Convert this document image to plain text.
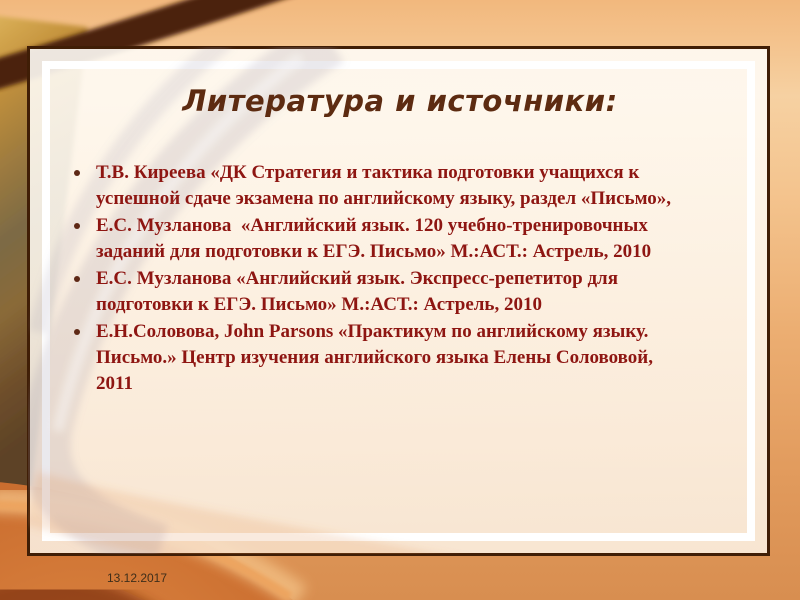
Литература и источники:
Т.В. Киреева «ДК Стратегия и тактика подготовки учащихся к успешной сдаче экзамена по английскому языку, раздел «Письмо»,
Е.С. Музланова  «Английский язык. 120 учебно-тренировочных заданий для подготовки к ЕГЭ. Письмо» М.:АСТ.: Астрель, 2010
Е.С. Музланова «Английский язык. Экспресс-репетитор для подготовки к ЕГЭ. Письмо» М.:АСТ.: Астрель, 2010
Е.Н.Соловова, John Parsons «Практикум по английскому языку. Письмо.» Центр изучения английского языка Елены Солововой, 2011
13.12.2017
